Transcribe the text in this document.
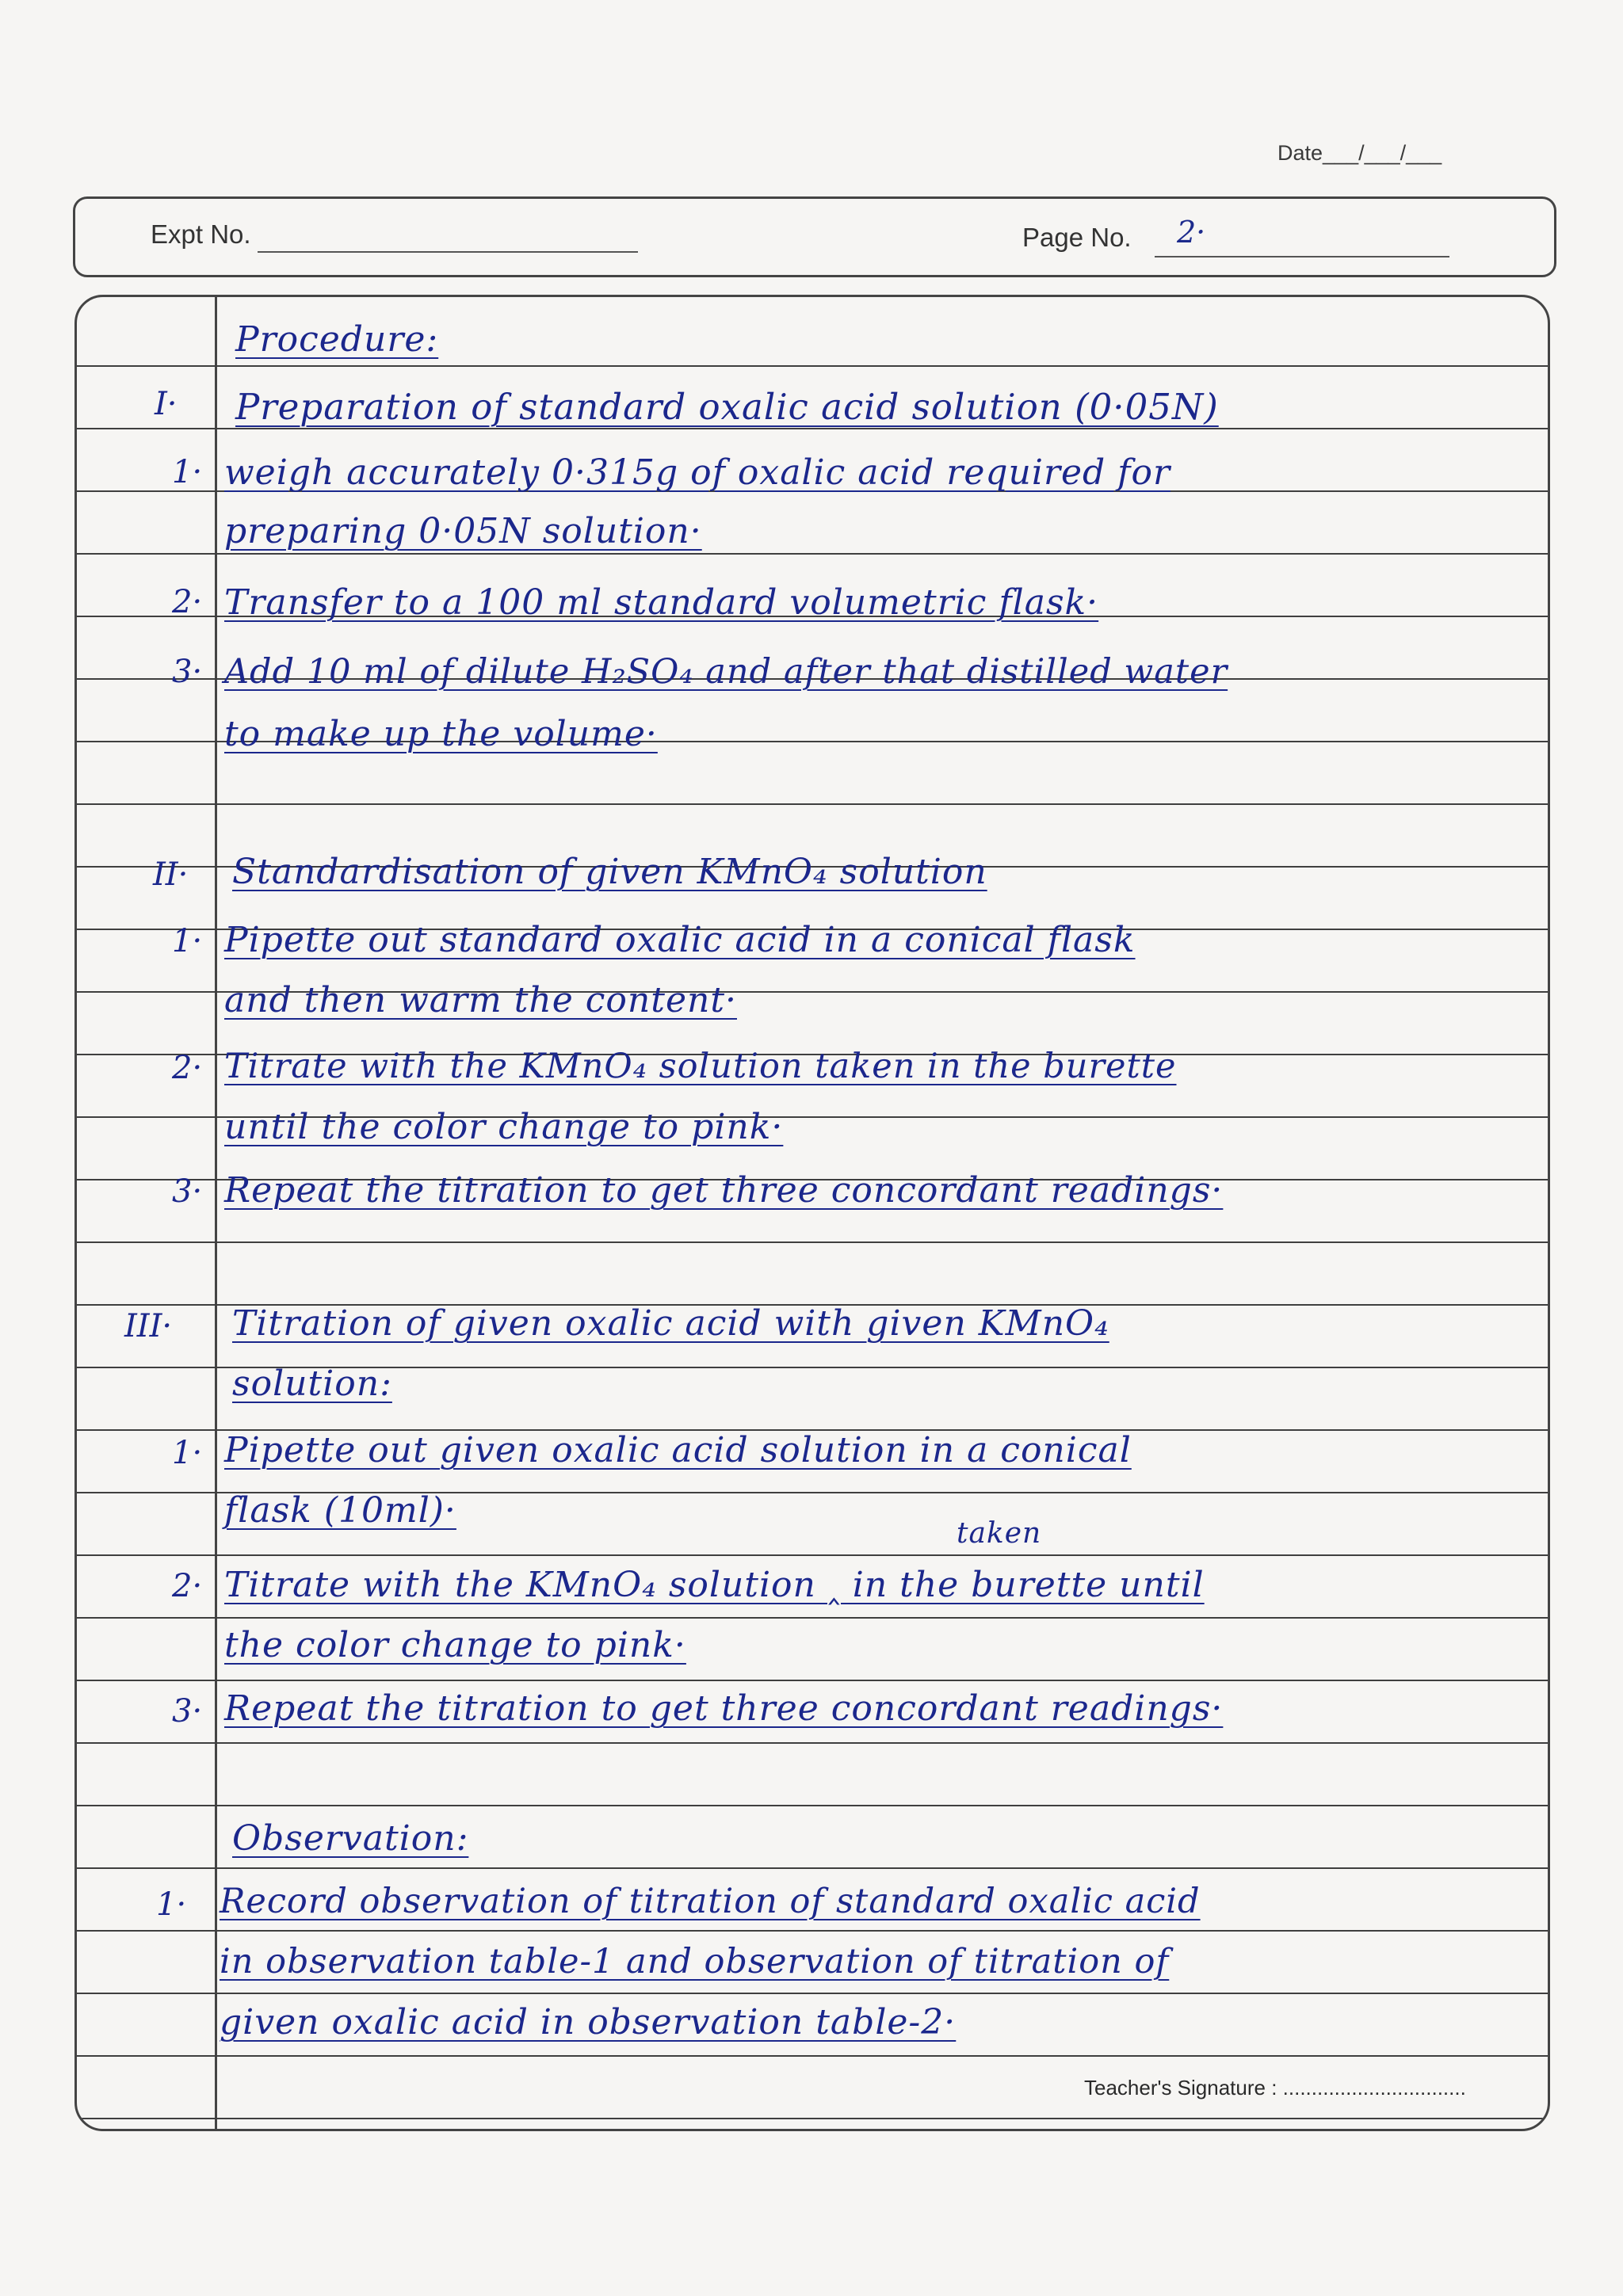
Date___/___/___
Expt No.	Page No. 2·
Procedure:
I· Preparation of standard oxalic acid solution (0·05N)
1· weigh accurately 0·315g of oxalic acid required for
preparing 0·05N solution·
2· Transfer to a 100 ml standard volumetric flask·
3· Add 10 ml of dilute H₂SO₄ and after that distilled water
to make up the volume·
II· Standardisation of given KMnO₄ solution
1· Pipette out standard oxalic acid in a conical flask
and then warm the content·
2· Titrate with the KMnO₄ solution taken in the burette
until the color change to pink·
3· Repeat the titration to get three concordant readings·
III· Titration of given oxalic acid with given KMnO₄
solution:
1· Pipette out given oxalic acid solution in a conical
flask (10ml)·
taken
2· Titrate with the KMnO₄ solution ‸ in the burette until
the color change to pink·
3· Repeat the titration to get three concordant readings·
Observation:
1· Record observation of titration of standard oxalic acid
in observation table-1 and observation of titration of
given oxalic acid in observation table-2·
Teacher's Signature : ................................
